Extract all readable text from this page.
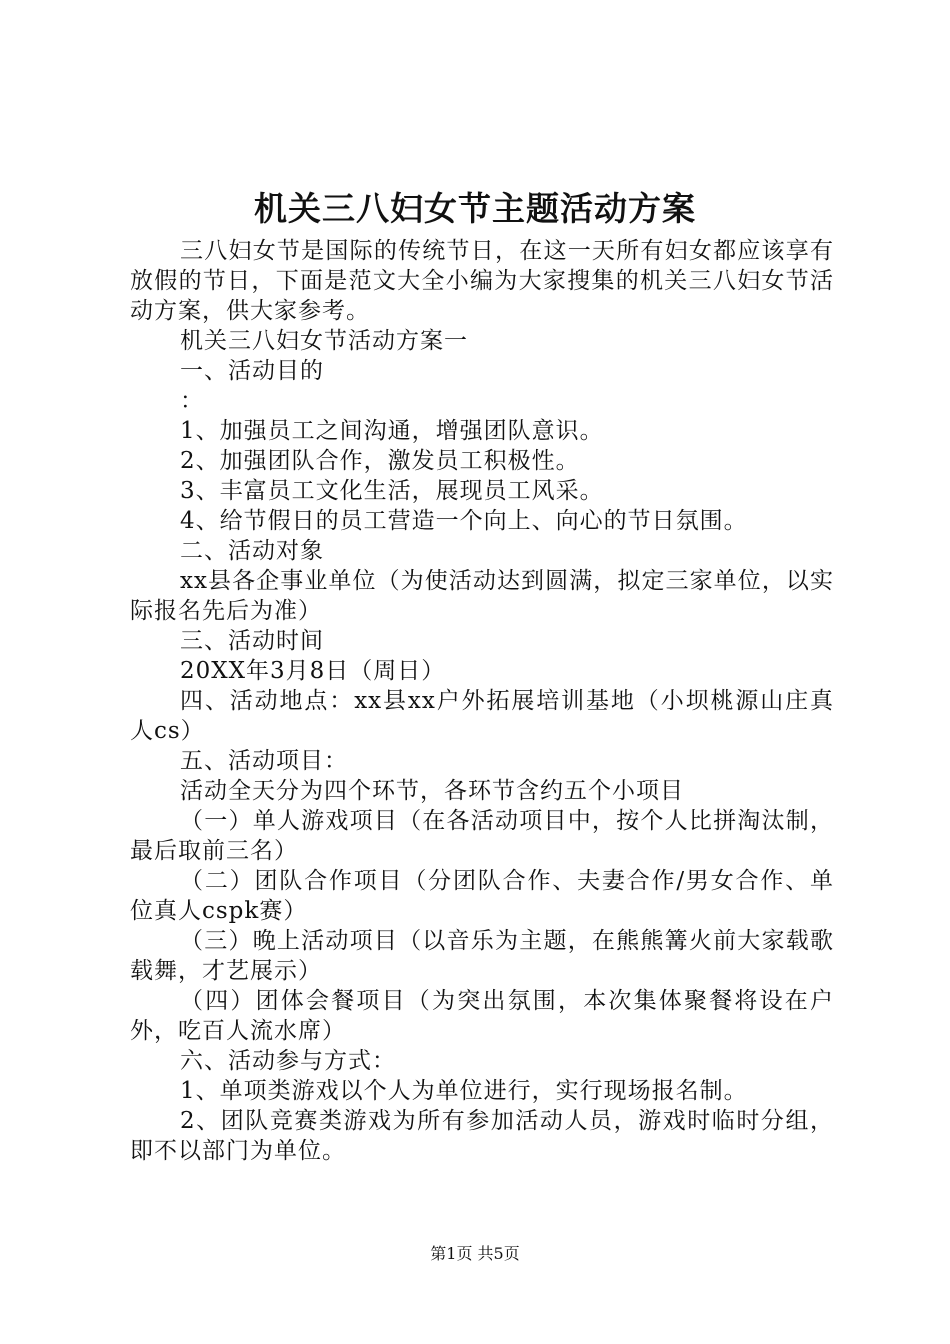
机关三八妇女节主题活动方案

三八妇女节是国际的传统节日，在这一天所有妇女都应该享有放假的节日，下面是范文大全小编为大家搜集的机关三八妇女节活动方案，供大家参考。

机关三八妇女节活动方案一

一、活动目的

：

1、加强员工之间沟通，增强团队意识。

2、加强团队合作，激发员工积极性。

3、丰富员工文化生活，展现员工风采。

4、给节假日的员工营造一个向上、向心的节日氛围。

二、活动对象

xx县各企事业单位（为使活动达到圆满，拟定三家单位，以实际报名先后为准）

三、活动时间

20XX年3月8日（周日）

四、活动地点：xx县xx户外拓展培训基地（小坝桃源山庄真人cs）

五、活动项目：

活动全天分为四个环节，各环节含约五个小项目

（一）单人游戏项目（在各活动项目中，按个人比拼淘汰制，最后取前三名）

（二）团队合作项目（分团队合作、夫妻合作/男女合作、单位真人cspk赛）

（三）晚上活动项目（以音乐为主题，在熊熊篝火前大家载歌载舞，才艺展示）

（四）团体会餐项目（为突出氛围，本次集体聚餐将设在户外，吃百人流水席）

六、活动参与方式：

1、单项类游戏以个人为单位进行，实行现场报名制。

2、团队竞赛类游戏为所有参加活动人员，游戏时临时分组，即不以部门为单位。

第1页 共5页
